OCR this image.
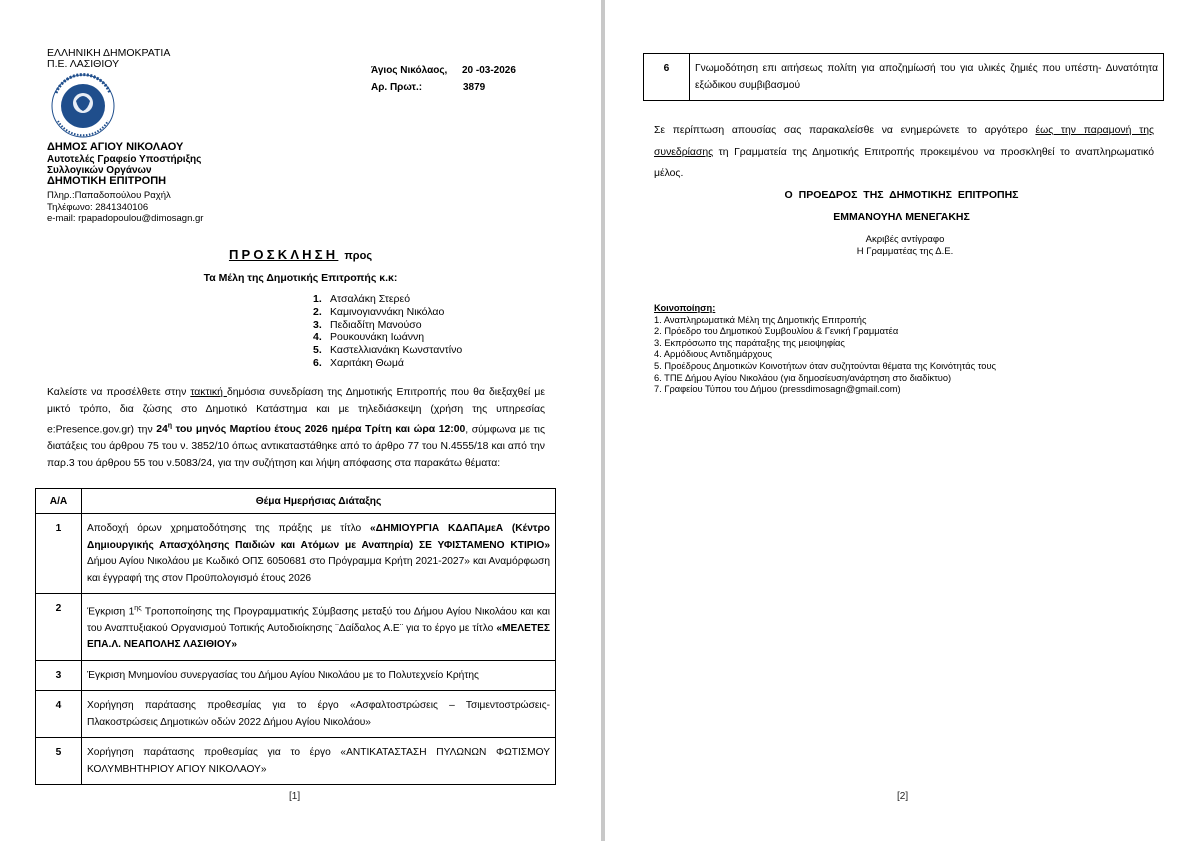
ΕΛΛΗΝΙΚΗ ΔΗΜΟΚΡΑΤΙΑ
Π.Ε. ΛΑΣΙΘΙΟΥ
ΔΗΜΟΣ ΑΓΙΟΥ ΝΙΚΟΛΑΟΥ
Αυτοτελές Γραφείο Υποστήριξης
Συλλογικών Οργάνων
ΔΗΜΟΤΙΚΗ ΕΠΙΤΡΟΠΗ
Πληρ.:Παπαδοπούλου Ραχήλ
Τηλέφωνο: 2841340106
e-mail: rpapadopoulou@dimosagn.gr
Άγιος Νικόλαος, 20 -03-2026
Αρ. Πρωτ.:	3879
ΠΡΟΣΚΛΗΣΗ προς
Τα Μέλη της Δημοτικής Επιτροπής κ.κ:
1. Ατσαλάκη Στερεό
2. Καμινογιαννάκη Νικόλαο
3. Πεδιαδίτη Μανούσο
4. Ρουκουνάκη Ιωάννη
5. Καστελλιανάκη Κωνσταντίνο
6. Χαριτάκη Θωμά
Καλείστε να προσέλθετε στην τακτική δημόσια συνεδρίαση της Δημοτικής Επιτροπής που θα διεξαχθεί με μικτό τρόπο, δια ζώσης στο Δημοτικό Κατάστημα και με τηλεδιάσκεψη (χρήση της υπηρεσίας e:Presence.gov.gr) την $24^\eta$ του μηνός Μαρτίου έτους 2026 ημέρα Τρίτη και ώρα 12:00, σύμφωνα με τις διατάξεις του άρθρου 75 του ν. 3852/10 όπως αντικαταστάθηκε από το άρθρο 77 του Ν.4555/18 και από την παρ.3 του άρθρου 55 του ν.5083/24, για την συζήτηση και λήψη απόφασης στα παρακάτω θέματα:
Α/Α	Θέμα Ημερήσιας Διάταξης
1	Αποδοχή όρων χρηματοδότησης της πράξης με τίτλο «ΔΗΜΙΟΥΡΓΙΑ ΚΔΑΠΑμεΑ (Κέντρο Δημιουργικής Απασχόλησης Παιδιών και Ατόμων με Αναπηρία) ΣΕ ΥΦΙΣΤΑΜΕΝΟ ΚΤΙΡΙΟ» Δήμου Αγίου Νικολάου με Κωδικό ΟΠΣ 6050681 στο Πρόγραμμα Κρήτη 2021-2027» και Αναμόρφωση και έγγραφή της στον Προϋπολογισμό έτους 2026
2	Έγκριση $1^{\eta\varsigma}$ Τροποποίησης της Προγραμματικής Σύμβασης μεταξύ του Δήμου Αγίου Νικολάου και και του Αναπτυξιακού Οργανισμού Τοπικής Αυτοδιοίκησης ¨Δαίδαλος Α.Ε¨ για το έργο με τίτλο «ΜΕΛΕΤΕΣ ΕΠΑ.Λ. ΝΕΑΠΟΛΗΣ ΛΑΣΙΘΙΟΥ»
3	Έγκριση Μνημονίου συνεργασίας του Δήμου Αγίου Νικολάου με το Πολυτεχνείο Κρήτης
4	Χορήγηση παράτασης προθεσμίας για το έργο «Ασφαλτοστρώσεις – Τσιμεντοστρώσεις-Πλακοστρώσεις Δημοτικών οδών 2022 Δήμου Αγίου Νικολάου»
5	Χορήγηση παράτασης προθεσμίας για το έργο «ΑΝΤΙΚΑΤΑΣΤΑΣΗ ΠΥΛΩΝΩΝ ΦΩΤΙΣΜΟΥ ΚΟΛΥΜΒΗΤΗΡΙΟΥ ΑΓΙΟΥ ΝΙΚΟΛΑΟΥ»
[1]
6	Γνωμοδότηση επι αιτήσεως πολίτη για αποζημίωσή του για υλικές ζημιές που υπέστη- Δυνατότητα εξώδικου συμβιβασμού
Σε περίπτωση απουσίας σας παρακαλείσθε να ενημερώνετε το αργότερο έως την παραμονή της συνεδρίασης τη Γραμματεία της Δημοτικής Επιτροπής προκειμένου να προσκληθεί το αναπληρωματικό μέλος.
Ο ΠΡΟΕΔΡΟΣ ΤΗΣ ΔΗΜΟΤΙΚΗΣ ΕΠΙΤΡΟΠΗΣ
ΕΜΜΑΝΟΥΗΛ ΜΕΝΕΓΑΚΗΣ
Ακριβές αντίγραφο
Η Γραμματέας της Δ.Ε.
Κοινοποίηση:
1. Αναπληρωματικά Μέλη της Δημοτικής Επιτροπής
2. Πρόεδρο του Δημοτικού Συμβουλίου & Γενική Γραμματέα
3. Εκπρόσωπο της παράταξης της μειοψηφίας
4. Αρμόδιους Αντιδημάρχους
5. Προέδρους Δημοτικών Κοινοτήτων όταν συζητούνται θέματα της Κοινότητάς τους
6. ΤΠΕ Δήμου Αγίου Νικολάου (για δημοσίευση/ανάρτηση στο διαδίκτυο)
7. Γραφείου Τύπου του Δήμου (pressdimosagn@gmail.com)
[2]
